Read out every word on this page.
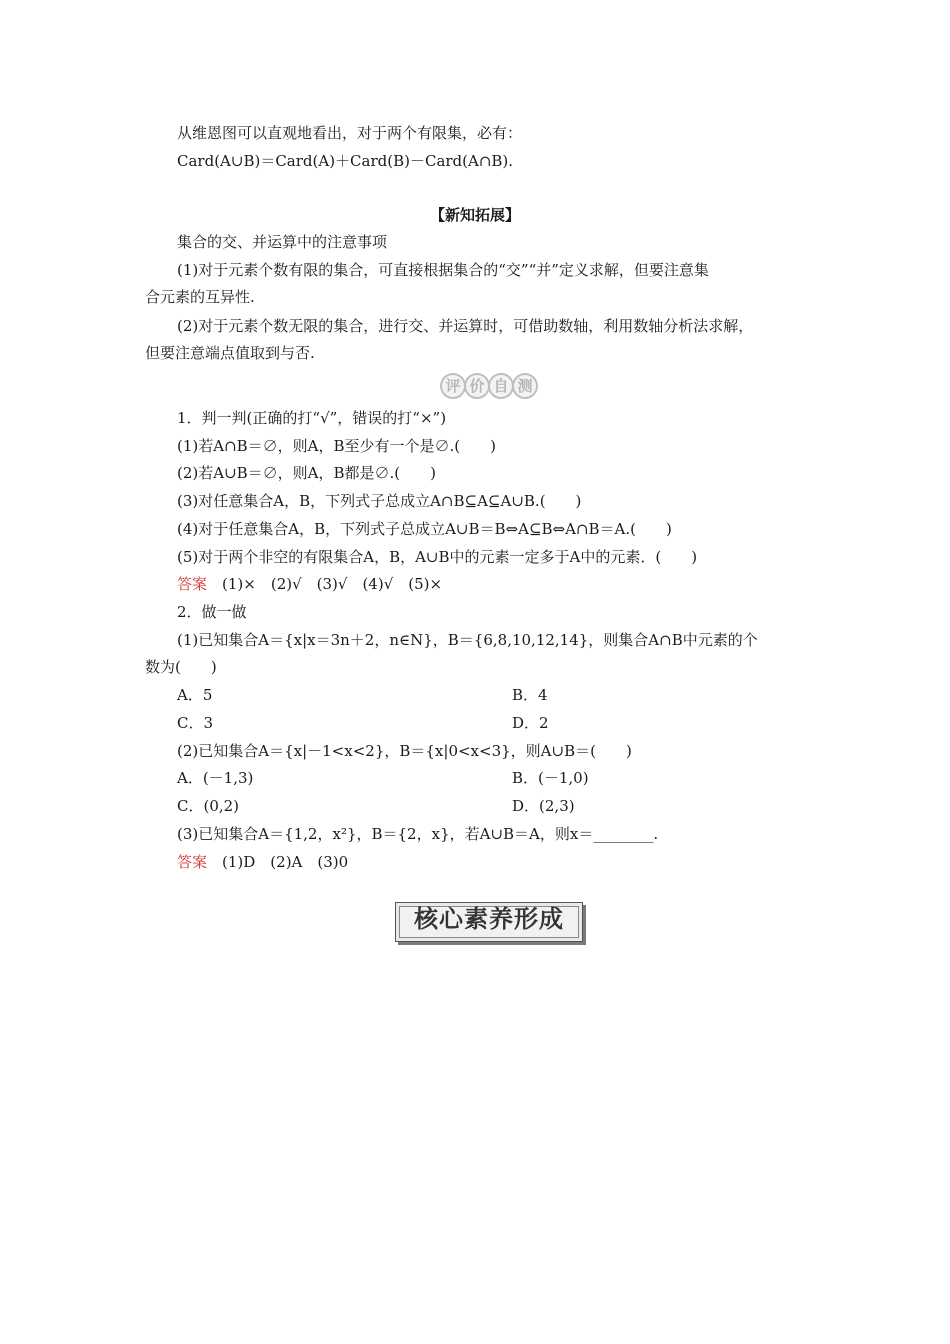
从维恩图可以直观地看出，对于两个有限集，必有：
Card(A∪B)＝Card(A)＋Card(B)－Card(A∩B).
【新知拓展】
集合的交、并运算中的注意事项
(1)对于元素个数有限的集合，可直接根据集合的“交”“并”定义求解，但要注意集
合元素的互异性.
(2)对于元素个数无限的集合，进行交、并运算时，可借助数轴，利用数轴分析法求解，
但要注意端点值取到与否.
评 价 自 测
1．判一判(正确的打“√”，错误的打“×”)
(1)若A∩B＝∅，则A，B至少有一个是∅.(　　)
(2)若A∪B＝∅，则A，B都是∅.(　　)
(3)对任意集合A，B，下列式子总成立A∩B⊆A⊆A∪B.(　　)
(4)对于任意集合A，B，下列式子总成立A∪B＝B⇔A⊆B⇔A∩B＝A.(　　)
(5)对于两个非空的有限集合A，B，A∪B中的元素一定多于A中的元素．(　　)
答案　 (1)×　(2)√　(3)√　(4)√　(5)×
2．做一做
(1)已知集合A＝{x|x＝3n＋2，n∈N}，B＝{6,8,10,12,14}，则集合A∩B中元素的个
数为(　　)
A．5	B．4
C．3	D．2
(2)已知集合A＝{x|－1<x<2}，B＝{x|0<x<3}，则A∪B＝(　　)
A．(－1,3)	B．(－1,0)
C．(0,2)	D．(2,3)
(3)已知集合A＝{1,2，x²}，B＝{2，x}，若A∪B＝A，则x＝________.
答案　 (1)D　(2)A　(3)0
核心素养形成
